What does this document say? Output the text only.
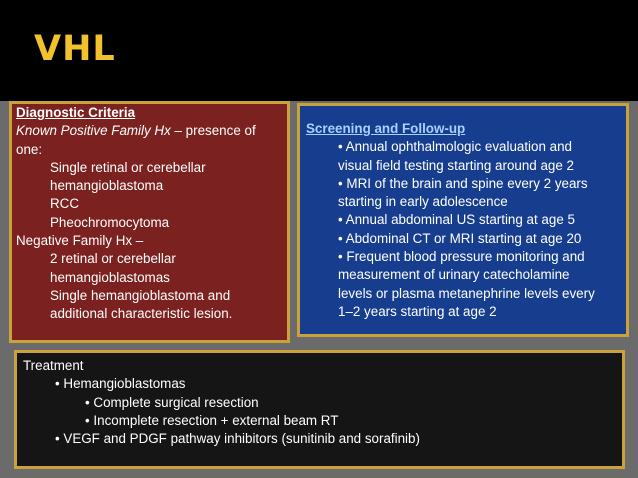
VHL
Diagnostic Criteria
Known Positive Family Hx – presence of
one:
Single retinal or cerebellar
hemangioblastoma
RCC
Pheochromocytoma
Negative Family Hx –
2 retinal or cerebellar
hemangioblastomas
Single hemangioblastoma and
additional characteristic lesion.
Screening and Follow-up
• Annual ophthalmologic evaluation and
visual field testing starting around age 2
• MRI of the brain and spine every 2 years
starting in early adolescence
• Annual abdominal US starting at age 5
• Abdominal CT or MRI starting at age 20
• Frequent blood pressure monitoring and
measurement of urinary catecholamine
levels or plasma metanephrine levels every
1–2 years starting at age 2
Treatment
• Hemangioblastomas
• Complete surgical resection
• Incomplete resection + external beam RT
• VEGF and PDGF pathway inhibitors (sunitinib and sorafinib)
